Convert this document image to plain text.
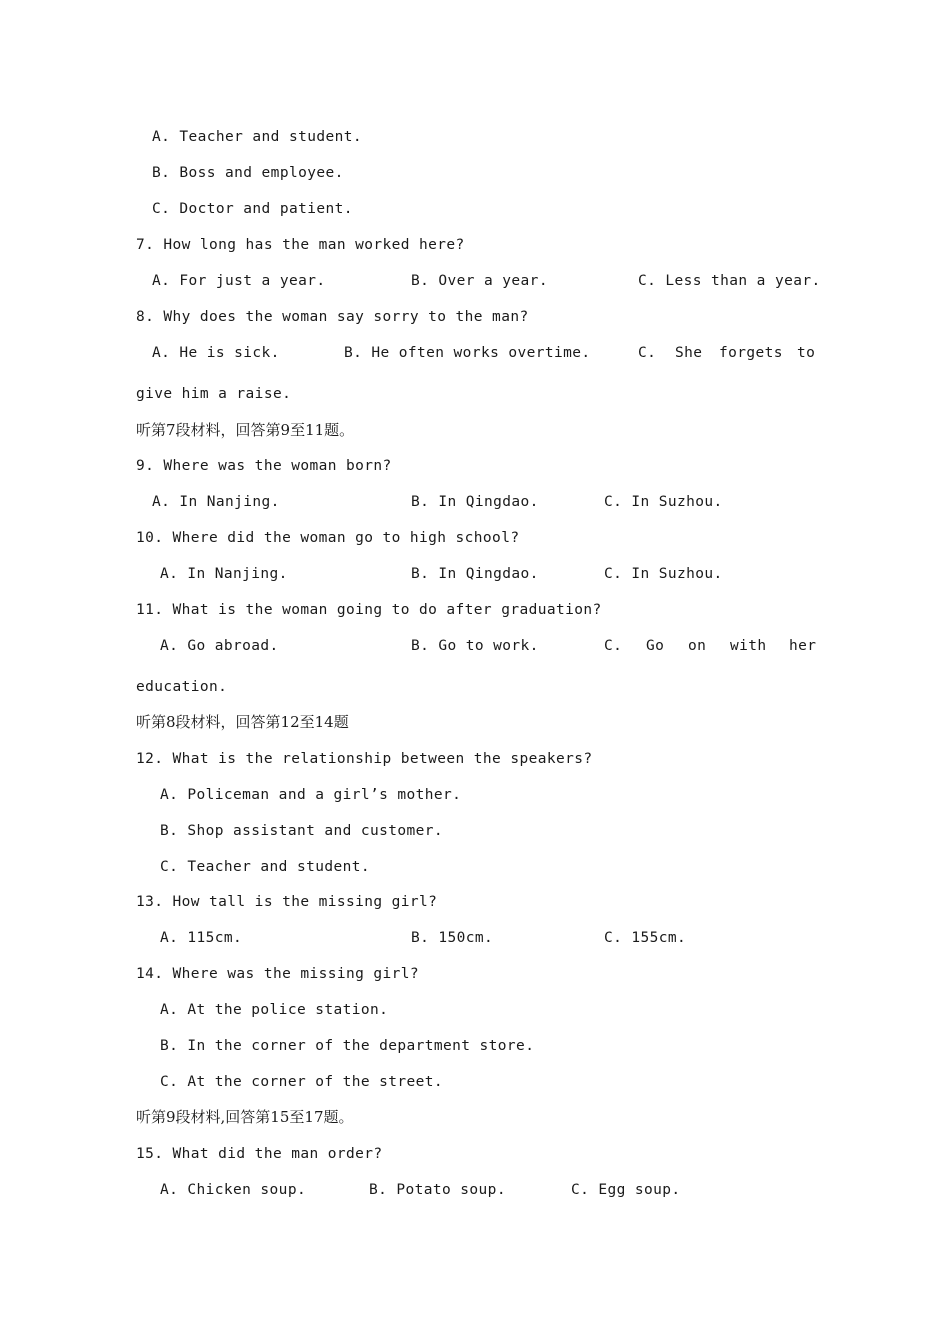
A. Teacher and student.
B. Boss and employee.
C. Doctor and patient.
7. How long has the man worked here?
A. For just a year.	B. Over a year.	C. Less than a year.
8. Why does the woman say sorry to the man?
A. He is sick.	B. He often works overtime.	C. She forgets to
give him a raise.
听第7段材料，回答第9至11题。
9. Where was the woman born?
A. In Nanjing.	B. In Qingdao.	C. In Suzhou.
10. Where did the woman go to high school?
A. In Nanjing.	B. In Qingdao.	C. In Suzhou.
11. What is the woman going to do after graduation?
A. Go abroad.	B. Go to work.	C. Go on with her
education.
听第8段材料，回答第12至14题
12. What is the relationship between the speakers?
A. Policeman and a girl’s mother.
B. Shop assistant and customer.
C. Teacher and student.
13. How tall is the missing girl?
A. 115cm.	B. 150cm.	C. 155cm.
14. Where was the missing girl?
A. At the police station.
B. In the corner of the department store.
C. At the corner of the street.
听第9段材料,回答第15至17题。
15. What did the man order?
A. Chicken soup.	B. Potato soup.	C. Egg soup.
